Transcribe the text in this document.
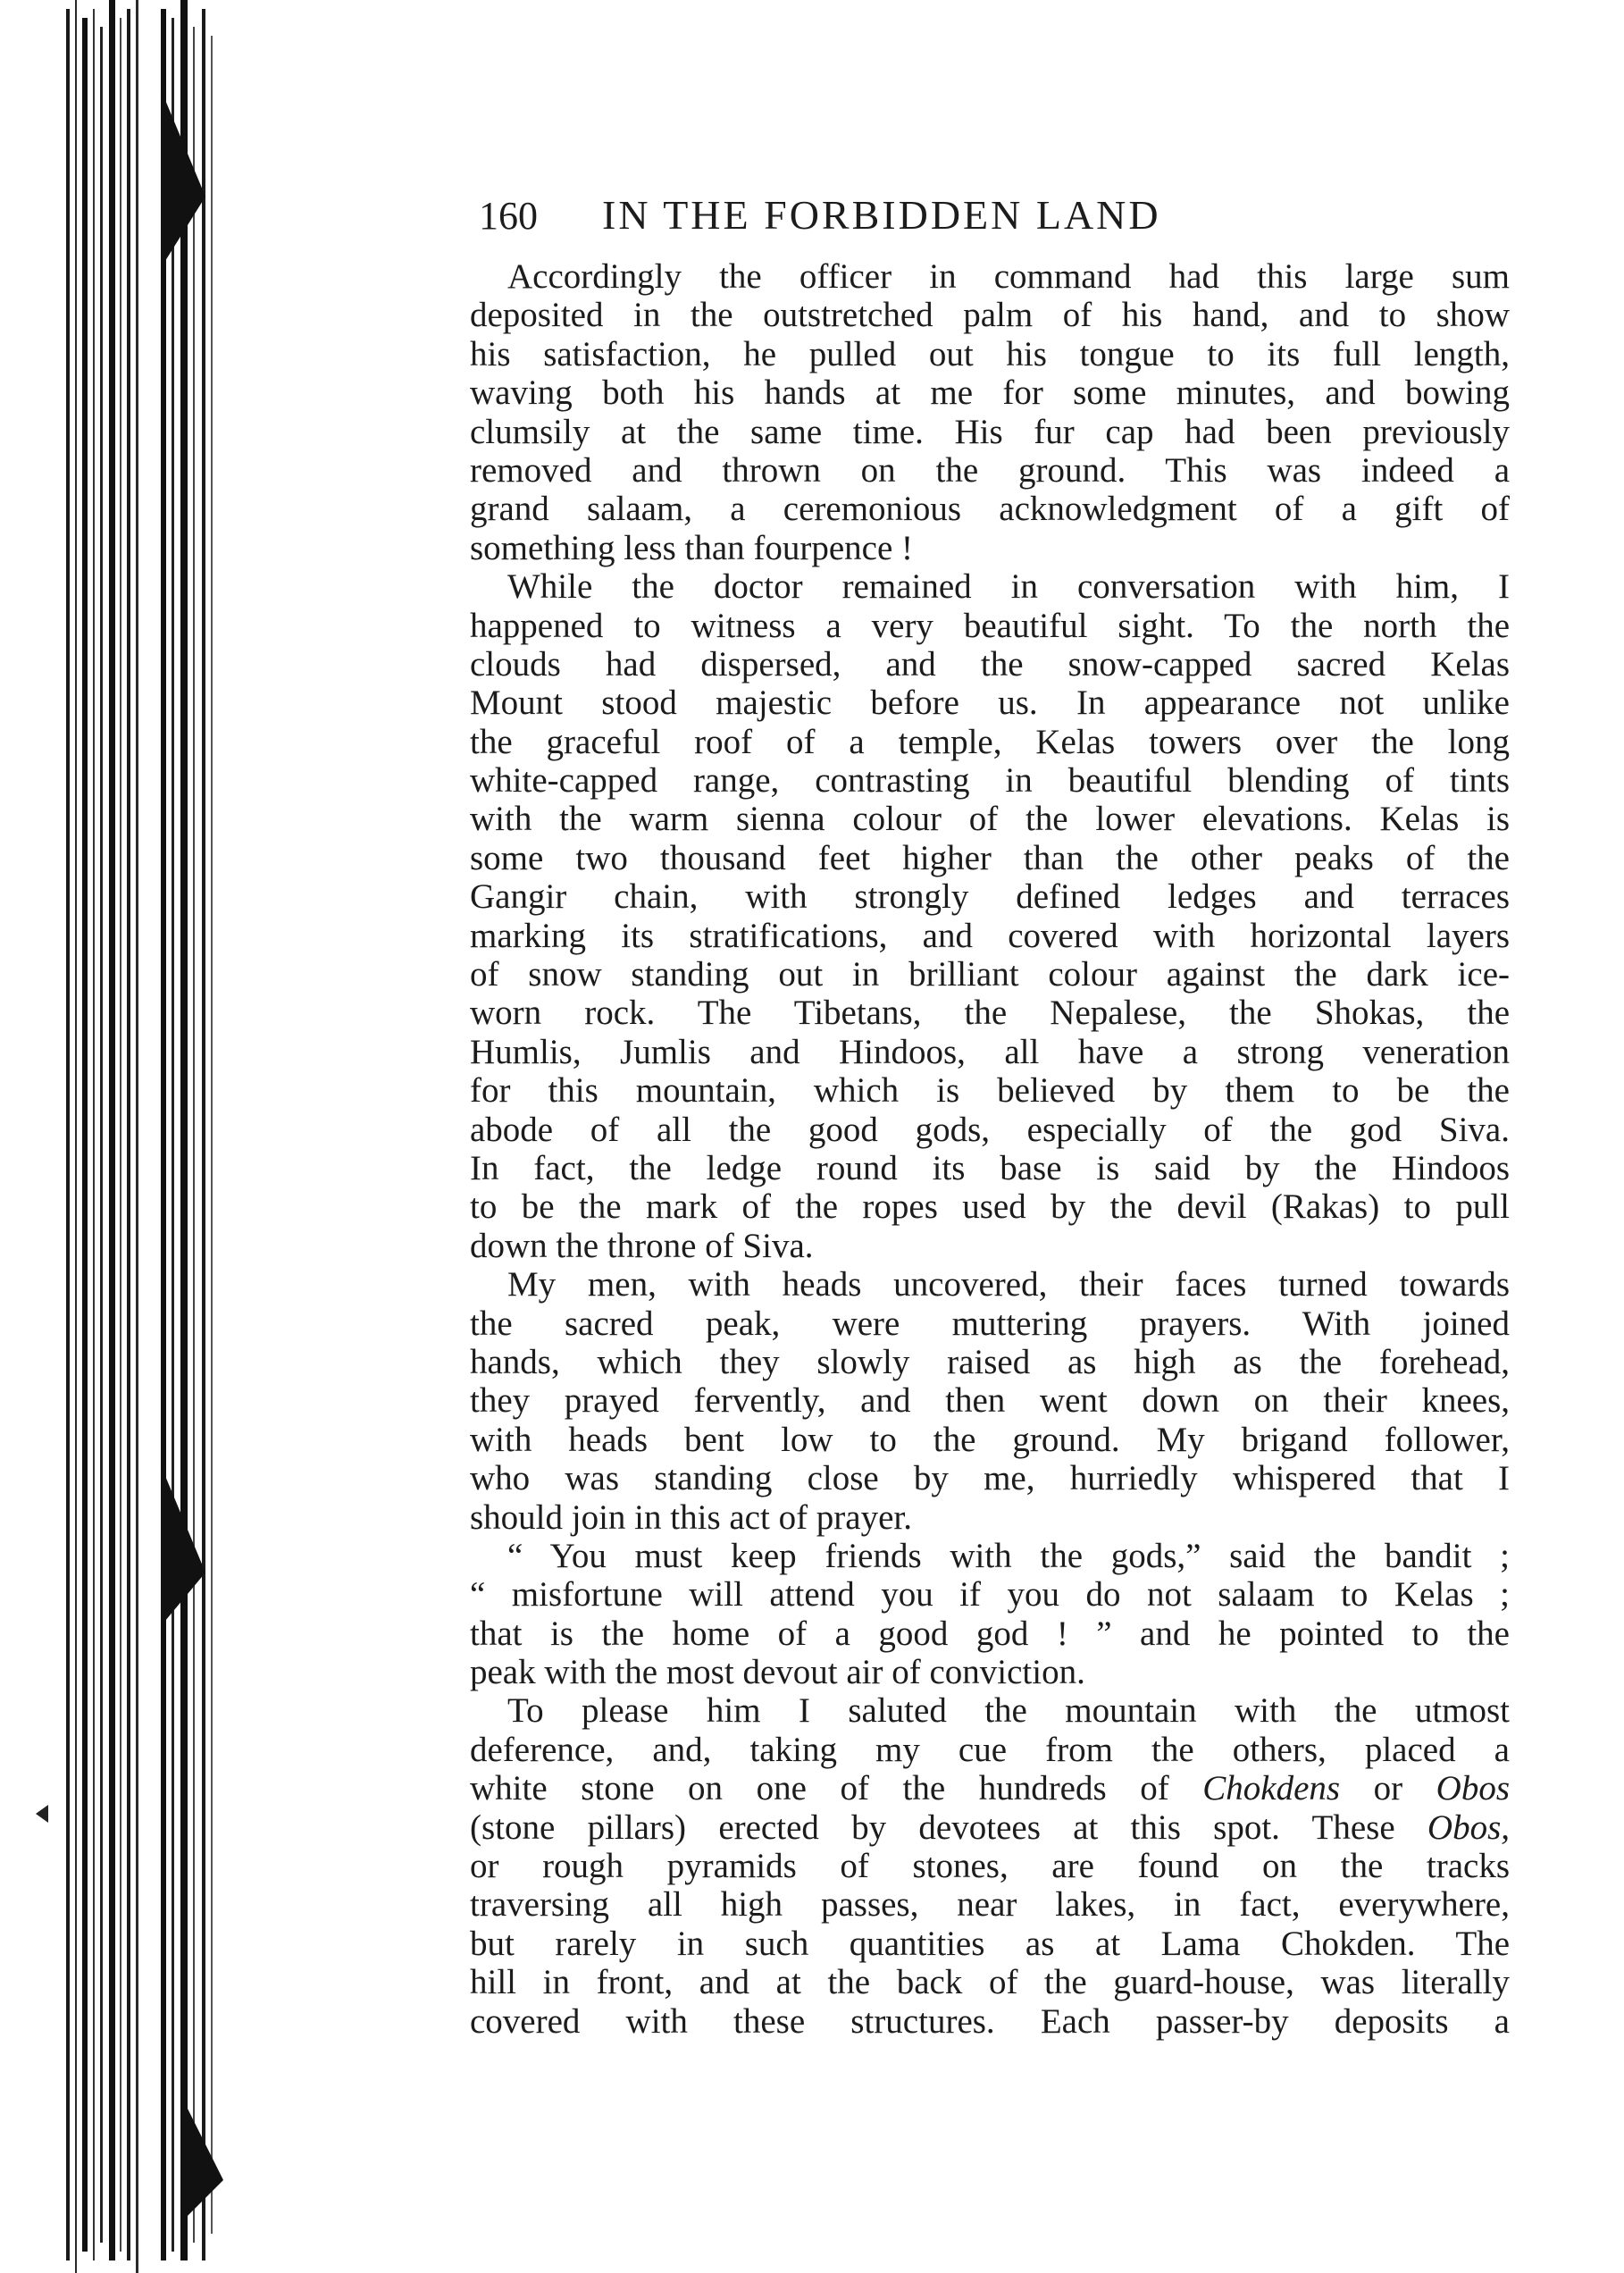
160 IN THE FORBIDDEN LAND
Accordingly the officer in command had this large sum
deposited in the outstretched palm of his hand, and to show
his satisfaction, he pulled out his tongue to its full length,
waving both his hands at me for some minutes, and bowing
clumsily at the same time. His fur cap had been previously
removed and thrown on the ground. This was indeed a
grand salaam, a ceremonious acknowledgment of a gift of
something less than fourpence !
While the doctor remained in conversation with him, I
happened to witness a very beautiful sight. To the north the
clouds had dispersed, and the snow-capped sacred Kelas
Mount stood majestic before us. In appearance not unlike
the graceful roof of a temple, Kelas towers over the long
white-capped range, contrasting in beautiful blending of tints
with the warm sienna colour of the lower elevations. Kelas is
some two thousand feet higher than the other peaks of the
Gangir chain, with strongly defined ledges and terraces
marking its stratifications, and covered with horizontal layers
of snow standing out in brilliant colour against the dark ice-
worn rock. The Tibetans, the Nepalese, the Shokas, the
Humlis, Jumlis and Hindoos, all have a strong veneration
for this mountain, which is believed by them to be the
abode of all the good gods, especially of the god Siva.
In fact, the ledge round its base is said by the Hindoos
to be the mark of the ropes used by the devil (Rakas) to pull
down the throne of Siva.
My men, with heads uncovered, their faces turned towards
the sacred peak, were muttering prayers. With joined
hands, which they slowly raised as high as the forehead,
they prayed fervently, and then went down on their knees,
with heads bent low to the ground. My brigand follower,
who was standing close by me, hurriedly whispered that I
should join in this act of prayer.
“ You must keep friends with the gods,” said the bandit ;
“ misfortune will attend you if you do not salaam to Kelas ;
that is the home of a good god ! ” and he pointed to the
peak with the most devout air of conviction.
To please him I saluted the mountain with the utmost
deference, and, taking my cue from the others, placed a
white stone on one of the hundreds of Chokdens or Obos
(stone pillars) erected by devotees at this spot. These Obos,
or rough pyramids of stones, are found on the tracks
traversing all high passes, near lakes, in fact, everywhere,
but rarely in such quantities as at Lama Chokden. The
hill in front, and at the back of the guard-house, was literally
covered with these structures. Each passer-by deposits a
